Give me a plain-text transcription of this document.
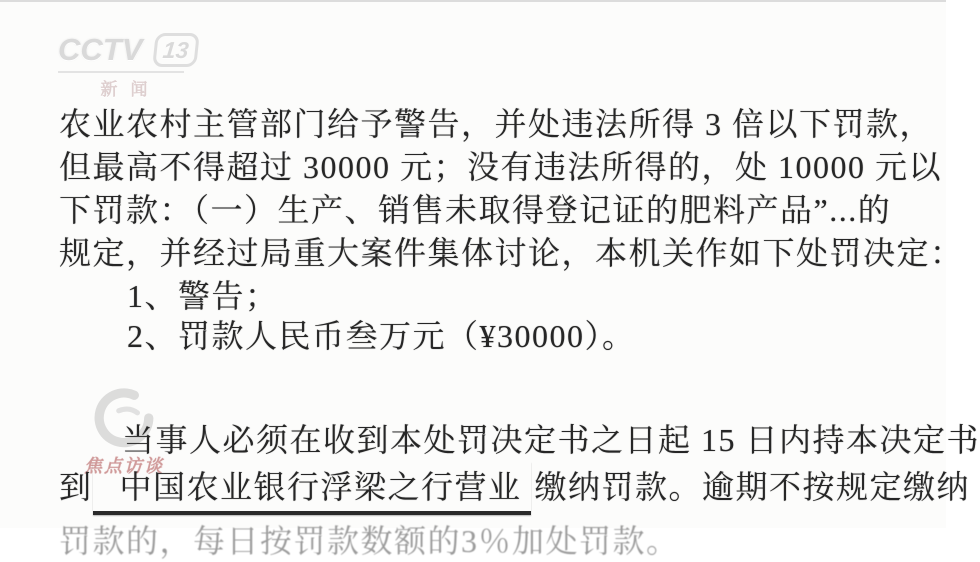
CCTV 13
新闻
农业农村主管部门给予警告，并处违法所得 3 倍以下罚款，
但最高不得超过 30000 元；没有违法所得的，处 10000 元以
下罚款：（一）生产、销售未取得登记证的肥料产品”...的
规定，并经过局重大案件集体讨论，本机关作如下处罚决定：
1、警告；
2、罚款人民币叁万元（¥30000）。
焦点访谈
当事人必须在收到本处罚决定书之日起 15 日内持本决定书
到 中国农业银行浮梁之行营业 缴纳罚款。逾期不按规定缴纳
罚款的，每日按罚款数额的3％加处罚款。
